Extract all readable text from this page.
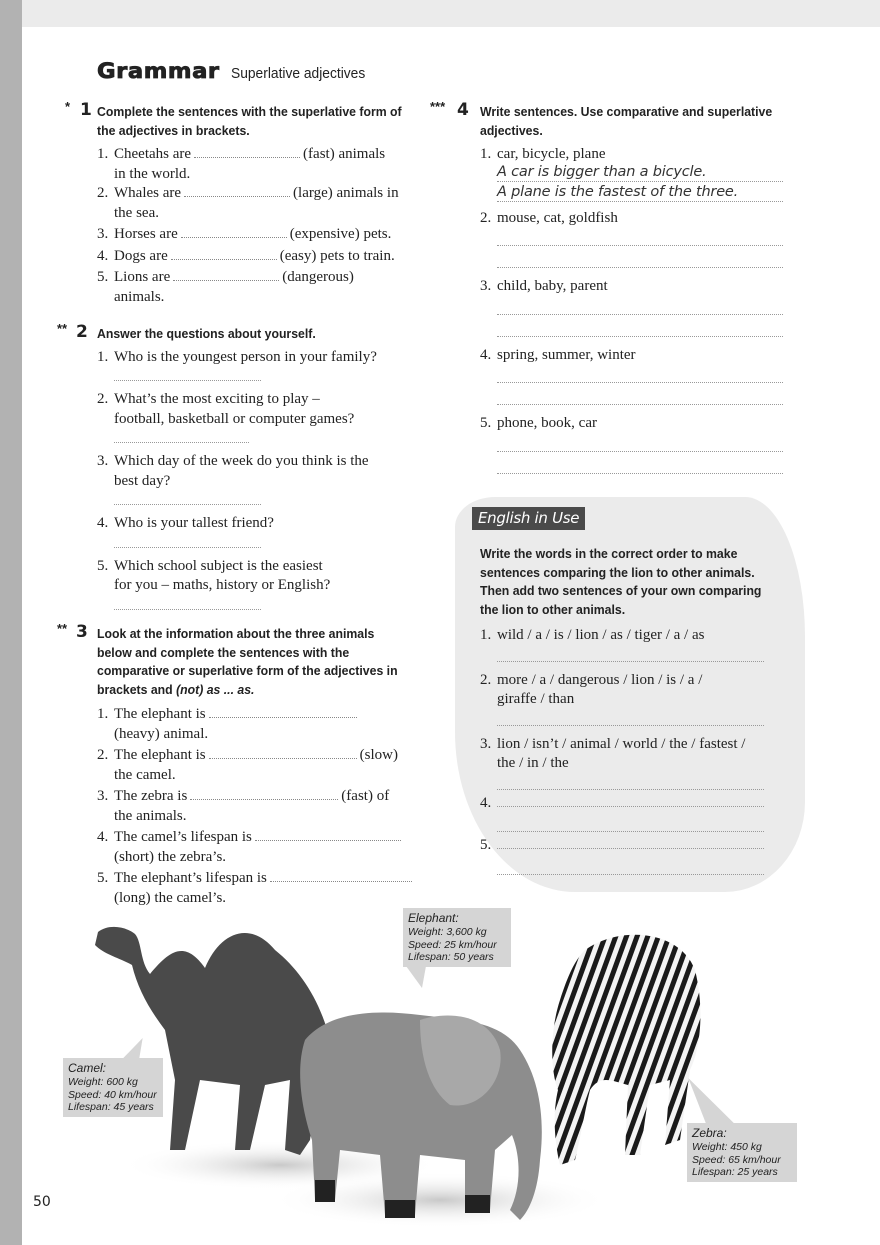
Grammar Superlative adjectives
* 1 Complete the sentences with the superlative form of the adjectives in brackets.
1. Cheetahs are	(fast) animals
in the world.
2. Whales are	(large) animals in
the sea.
3. Horses are	(expensive) pets.
4. Dogs are	(easy) pets to train.
5. Lions are	(dangerous)
animals.
** 2 Answer the questions about yourself.
1. Who is the youngest person in your family?
2. What’s the most exciting to play –
football, basketball or computer games?
3. Which day of the week do you think is the
best day?
4. Who is your tallest friend?
5. Which school subject is the easiest
for you – maths, history or English?
** 3 Look at the information about the three animals below and complete the sentences with the comparative or superlative form of the adjectives in brackets and (not) as ... as.
1. The elephant is
(heavy) animal.
2. The elephant is	(slow)
the camel.
3. The zebra is	(fast) of
the animals.
4. The camel’s lifespan is
(short) the zebra’s.
5. The elephant’s lifespan is
(long) the camel’s.
*** 4 Write sentences. Use comparative and superlative adjectives.
1. car, bicycle, plane
A car is bigger than a bicycle.
A plane is the fastest of the three.
2. mouse, cat, goldfish
3. child, baby, parent
4. spring, summer, winter
5. phone, book, car
English in Use
Write the words in the correct order to make sentences comparing the lion to other animals. Then add two sentences of your own comparing the lion to other animals.
1. wild / a / is / lion / as / tiger / a / as
2. more / a / dangerous / lion / is / a /
giraffe / than
3. lion / isn’t / animal / world / the / fastest /
the / in / the
4.
5.
Elephant:
Weight: 3,600 kg
Speed: 25 km/hour
Lifespan: 50 years
Camel:
Weight: 600 kg
Speed: 40 km/hour
Lifespan: 45 years
Zebra:
Weight: 450 kg
Speed: 65 km/hour
Lifespan: 25 years
50
